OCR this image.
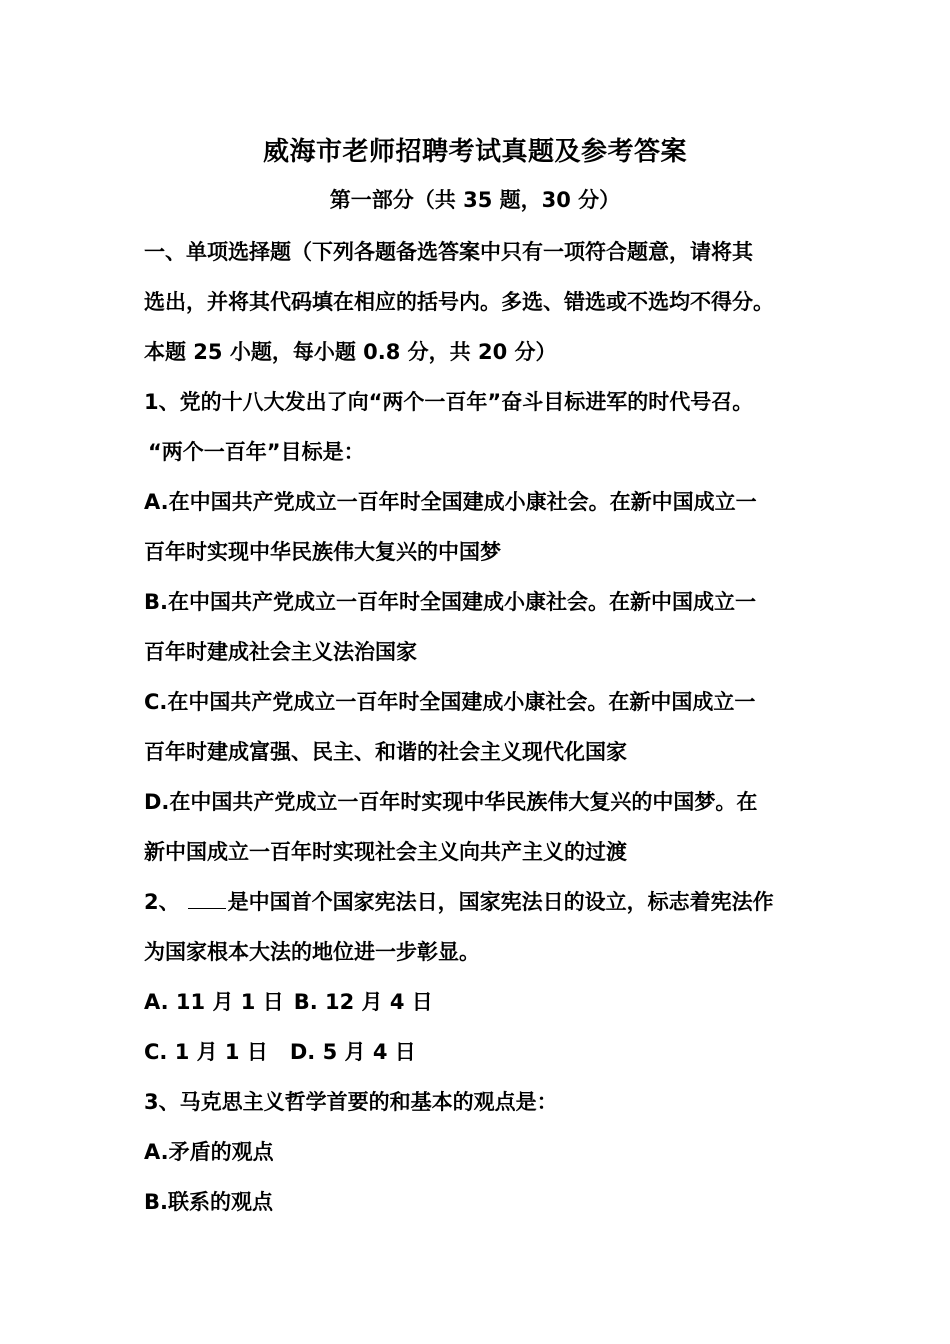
威海市老师招聘考试真题及参考答案
第一部分（共 35 题，30 分）
一、单项选择题（下列各题备选答案中只有一项符合题意，请将其
选出，并将其代码填在相应的括号内。多选、错选或不选均不得分。
本题 25 小题，每小题 0.8 分，共 20 分）
1、党的十八大发出了向“两个一百年”奋斗目标进军的时代号召。
“两个一百年”目标是：
A.在中国共产党成立一百年时全国建成小康社会。在新中国成立一
百年时实现中华民族伟大复兴的中国梦
B.在中国共产党成立一百年时全国建成小康社会。在新中国成立一
百年时建成社会主义法治国家
C.在中国共产党成立一百年时全国建成小康社会。在新中国成立一
百年时建成富强、民主、和谐的社会主义现代化国家
D.在中国共产党成立一百年时实现中华民族伟大复兴的中国梦。在
新中国成立一百年时实现社会主义向共产主义的过渡
2、 是中国首个国家宪法日，国家宪法日的设立，标志着宪法作
为国家根本大法的地位进一步彰显。
A. 11 月 1 日 B. 12 月 4 日
C. 1 月 1 日 D. 5 月 4 日
3、马克思主义哲学首要的和基本的观点是：
A.矛盾的观点
B.联系的观点
